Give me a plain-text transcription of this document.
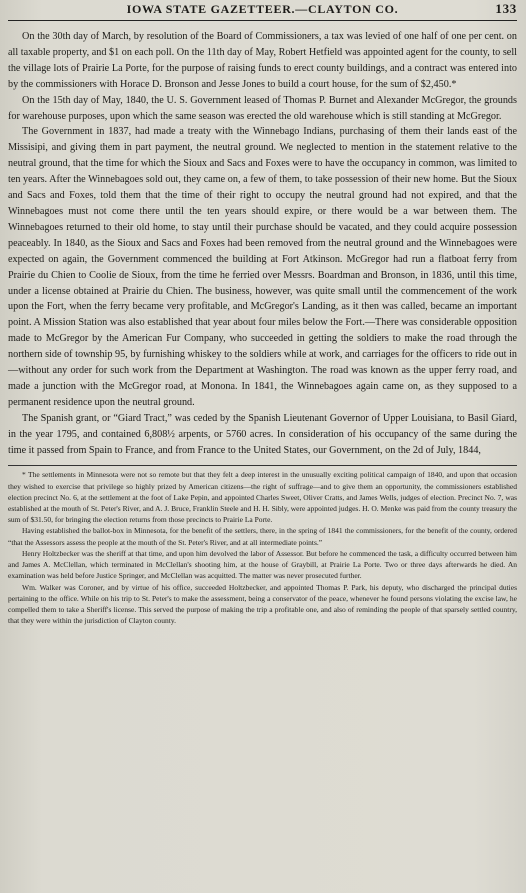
IOWA STATE GAZETTEER.—CLAYTON CO.	133

On the 30th day of March, by resolution of the Board of Commissioners, a tax was levied of one half of one per cent. on all taxable property, and $1 on each poll. On the 11th day of May, Robert Hetfield was appointed agent for the county, to sell the village lots of Prairie La Porte, for the purpose of raising funds to erect county buildings, and a contract was entered into by the commissioners with Horace D. Bronson and Jesse Jones to build a court house, for the sum of $2,450.*

On the 15th day of May, 1840, the U. S. Government leased of Thomas P. Burnet and Alexander McGregor, the grounds for warehouse purposes, upon which the same season was erected the old warehouse which is still standing at McGregor.

The Government in 1837, had made a treaty with the Winnebago Indians, purchasing of them their lands east of the Missisipi, and giving them in part payment, the neutral ground. We neglected to mention in the statement relative to the neutral ground, that the time for which the Sioux and Sacs and Foxes were to have the occupancy in common, was limited to ten years. After the Winnebagoes sold out, they came on, a few of them, to take possession of their new home. But the Sioux and Sacs and Foxes, told them that the time of their right to occupy the neutral ground had not expired, and that the Winnebagoes must not come there until the ten years should expire, or there would be a war between them. The Winnebagoes returned to their old home, to stay until their purchase should be vacated, and they could acquire possession peaceably. In 1840, as the Sioux and Sacs and Foxes had been removed from the neutral ground and the Winnebagoes were expected on again, the Government commenced the building at Fort Atkinson. McGregor had run a flatboat ferry from Prairie du Chien to Coolie de Sioux, from the time he ferried over Messrs. Boardman and Bronson, in 1836, until this time, under a license obtained at Prairie du Chien. The business, however, was quite small until the commencement of the work upon the Fort, when the ferry became very profitable, and McGregor's Landing, as it then was called, became an important point. A Mission Station was also established that year about four miles below the Fort.—There was considerable opposition made to McGregor by the American Fur Company, who succeeded in getting the soldiers to make the road through the northern side of township 95, by furnishing whiskey to the soldiers while at work, and carriages for the officers to ride out in—without any order for such work from the Department at Washington. The road was known as the upper ferry road, and made a junction with the McGregor road, at Monona. In 1841, the Winnebagoes again came on, as they supposed to a permanent residence upon the neutral ground.

The Spanish grant, or “Giard Tract,” was ceded by the Spanish Lieutenant Governor of Upper Louisiana, to Basil Giard, in the year 1795, and contained 6,808½ arpents, or 5760 acres. In consideration of his occupancy of the same during the time it passed from Spain to France, and from France to the United States, our Government, on the 2d of July, 1844,

* The settlements in Minnesota were not so remote but that they felt a deep interest in the unusually exciting political campaign of 1840, and upon that occasion they wished to exercise that privilege so highly prized by American citizens—the right of suffrage—and to give them an opportunity, the commissioners established election precinct No. 6, at the settlement at the foot of Lake Pepin, and appointed Charles Sweet, Oliver Cratts, and James Wells, judges of election. Precinct No. 7, was established at the mouth of St. Peter's River, and A. J. Bruce, Franklin Steele and H. H. Sibly, were appointed judges. H. O. Menke was paid from the county treasury the sum of $31.50, for bringing the election returns from those precincts to Prairie La Porte.

Having established the ballot-box in Minnesota, for the benefit of the settlers, there, in the spring of 1841 the commissioners, for the benefit of the county, ordered “that the Assessors assess the people at the mouth of the St. Peter's River, and at all intermediate points.”

Henry Holtzbecker was the sheriff at that time, and upon him devolved the labor of Assessor. But before he commenced the task, a difficulty occurred between him and James A. McClellan, which terminated in McClellan's shooting him, at the house of Graybill, at Prairie La Porte. Two or three days afterwards he died. An examination was held before Justice Springer, and McClellan was acquitted. The matter was never prosecuted further.

Wm. Walker was Coroner, and by virtue of his office, succeeded Holtzbecker, and appointed Thomas P. Park, his deputy, who discharged the principal duties pertaining to the office. While on his trip to St. Peter's to make the assessment, being a conservator of the peace, whenever he found persons violating the excise law, he compelled them to take a Sheriff's license. This served the purpose of making the trip a profitable one, and also of reminding the people of that sparsely settled country, that they were within the jurisdiction of Clayton county.
